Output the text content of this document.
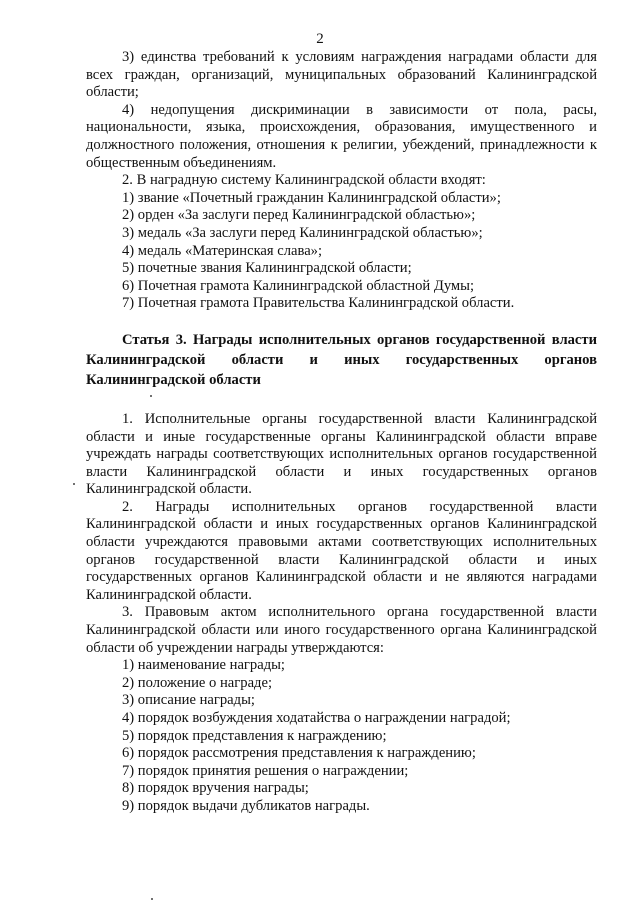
2

3) единства требований к условиям награждения наградами области для всех граждан, организаций, муниципальных образований Калининградской области;

4) недопущения дискриминации в зависимости от пола, расы, национальности, языка, происхождения, образования, имущественного и должностного положения, отношения к религии, убеждений, принадлежности к общественным объединениям.

2. В наградную систему Калининградской области входят:

1) звание «Почетный гражданин Калининградской области»;

2) орден «За заслуги перед Калининградской областью»;

3) медаль «За заслуги перед Калининградской областью»;

4) медаль «Материнская слава»;

5) почетные звания Калининградской области;

6) Почетная грамота Калининградской областной Думы;

7) Почетная грамота Правительства Калининградской области.

Статья 3. Награды исполнительных органов государственной власти Калининградской области и иных государственных органов Калининградской области

1. Исполнительные органы государственной власти Калининградской области и иные государственные органы Калининградской области вправе учреждать награды соответствующих исполнительных органов государственной власти Калининградской области и иных государственных органов Калининградской области.

2. Награды исполнительных органов государственной власти Калининградской области и иных государственных органов Калининградской области учреждаются правовыми актами соответствующих исполнительных органов государственной власти Калининградской области и иных государственных органов Калининградской области и не являются наградами Калининградской области.

3. Правовым актом исполнительного органа государственной власти Калининградской области или иного государственного органа Калининградской области об учреждении награды утверждаются:

1) наименование награды;

2) положение о награде;

3) описание награды;

4) порядок возбуждения ходатайства о награждении наградой;

5) порядок представления к награждению;

6) порядок рассмотрения представления к награждению;

7) порядок принятия решения о награждении;

8) порядок вручения награды;

9) порядок выдачи дубликатов награды.
